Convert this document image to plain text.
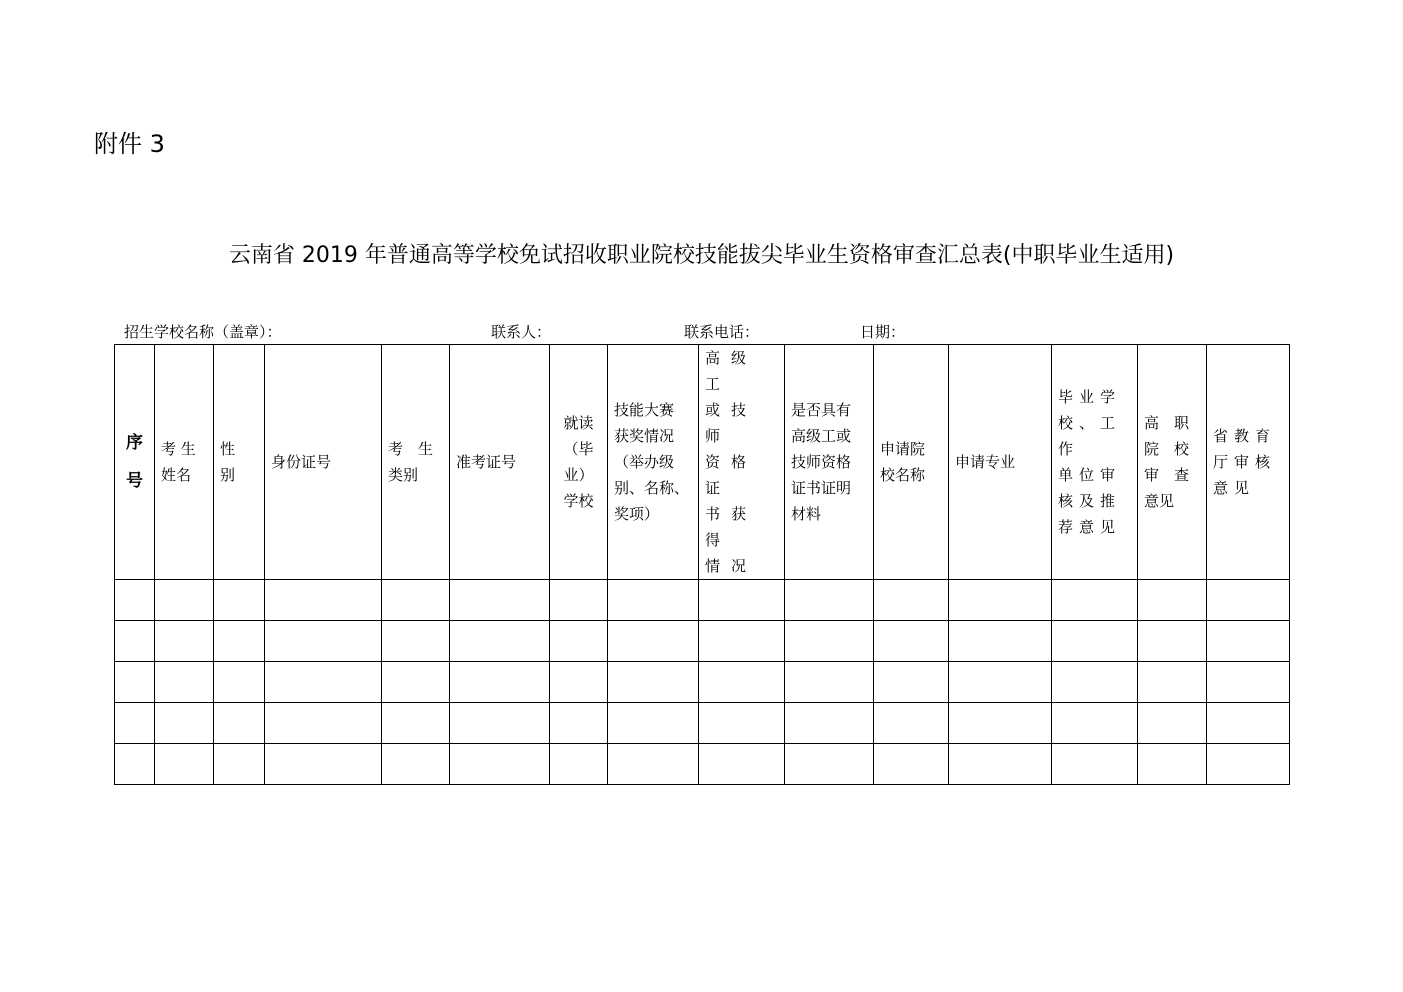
附件 3
云南省 2019 年普通高等学校免试招收职业院校技能拔尖毕业生资格审查汇总表(中职毕业生适用)
招生学校名称（盖章）：	联系人：	联系电话：	日期：
序
号	考 生
姓名	性
别	身份证号	考　生
类别	准考证号	就读
（毕
业）
学校	技能大赛
获奖情况
（举办级
别、名称、
奖项）	高级工
或技师
资格证
书获得
情况	是否具有
高级工或
技师资格
证书证明
材料	申请院
校名称	申请专业	毕业学
校、工作
单位审
核及推
荐意见	高　职
院　校
审　查
意见	省教育
厅审核
意见
